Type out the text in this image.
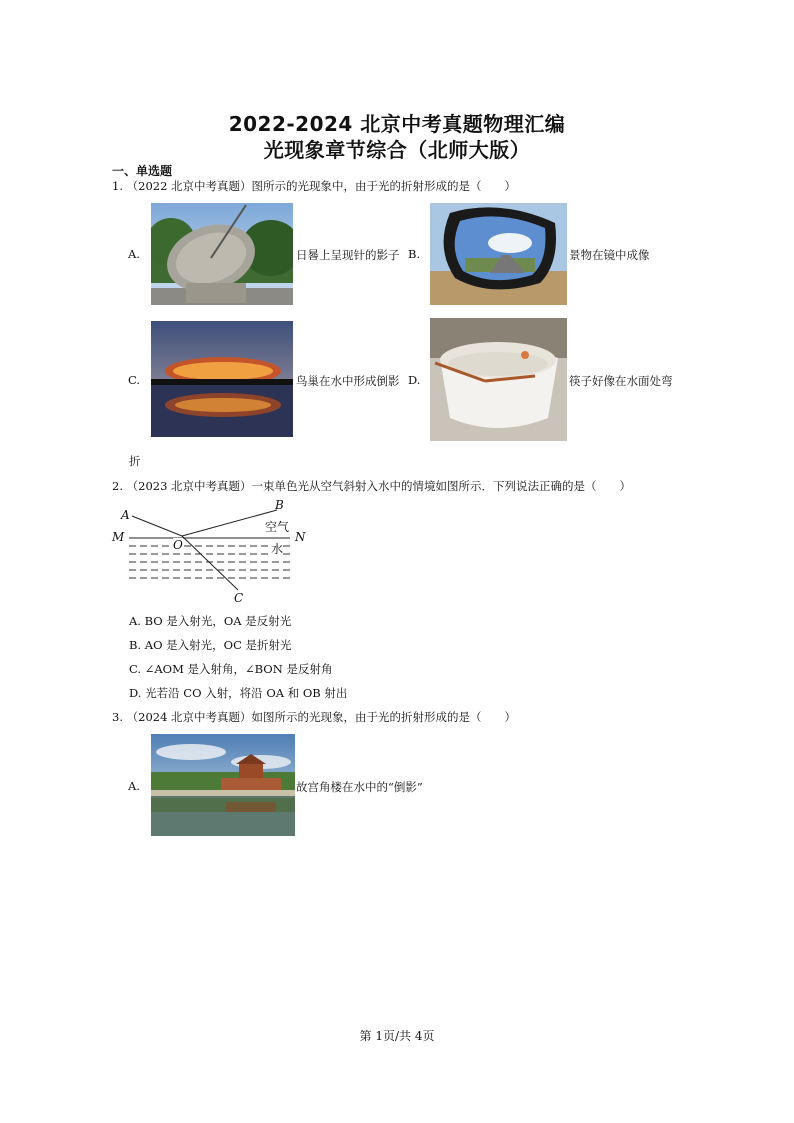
2022-2024 北京中考真题物理汇编
光现象章节综合（北师大版）
一、单选题
1. （2022 北京中考真题）图所示的光现象中，由于光的折射形成的是（　　）
A.	日晷上呈现针的影子 B.	景物在镜中成像
C.	鸟巢在水中形成倒影 D.	筷子好像在水面处弯
折
2. （2023 北京中考真题）一束单色光从空气斜射入水中的情境如图所示．下列说法正确的是（　　）
A
B
M	N
O
C
空气
水
A. BO 是入射光，OA 是反射光
B. AO 是入射光，OC 是折射光
C. ∠AOM 是入射角，∠BON 是反射角
D. 光若沿 CO 入射，将沿 OA 和 OB 射出
3. （2024 北京中考真题）如图所示的光现象，由于光的折射形成的是（　　）
A.	故宫角楼在水中的“倒影”
第 1页/共 4页
